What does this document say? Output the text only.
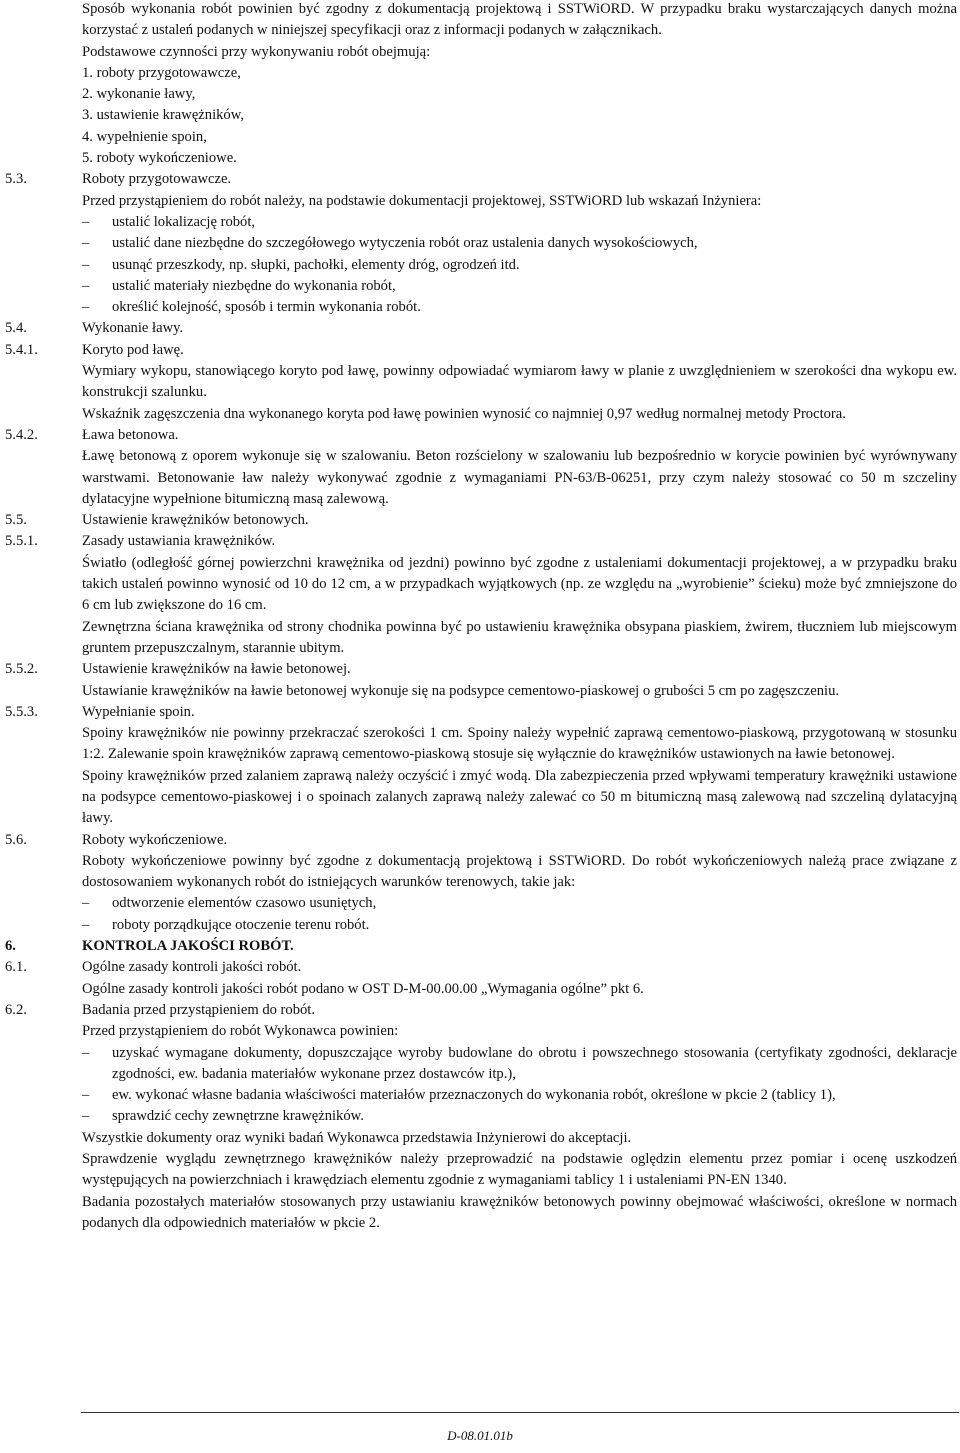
Sposób wykonania robót powinien być zgodny z dokumentacją projektową i SSTWiORD. W przypadku braku wystarczających danych można korzystać z ustaleń podanych w niniejszej specyfikacji oraz z informacji podanych w załącznikach.
Podstawowe czynności przy wykonywaniu robót obejmują:
1. roboty przygotowawcze,
2. wykonanie ławy,
3. ustawienie krawężników,
4. wypełnienie spoin,
5. roboty wykończeniowe.
5.3.	Roboty przygotowawcze.
Przed przystąpieniem do robót należy, na podstawie dokumentacji projektowej, SSTWiORD lub wskazań Inżyniera:
–	ustalić lokalizację robót,
–	ustalić dane niezbędne do szczegółowego wytyczenia robót oraz ustalenia danych wysokościowych,
–	usunąć przeszkody, np. słupki, pachołki, elementy dróg, ogrodzeń itd.
–	ustalić materiały niezbędne do wykonania robót,
–	określić kolejność, sposób i termin wykonania robót.
5.4.	Wykonanie ławy.
5.4.1.	Koryto pod ławę.
Wymiary wykopu, stanowiącego koryto pod ławę, powinny odpowiadać wymiarom ławy w planie z uwzględnieniem w szerokości dna wykopu ew. konstrukcji szalunku.
Wskaźnik zagęszczenia dna wykonanego koryta pod ławę powinien wynosić co najmniej 0,97 według normalnej metody Proctora.
5.4.2.	Ława betonowa.
Ławę betonową z oporem wykonuje się w szalowaniu. Beton rozścielony w szalowaniu lub bezpośrednio w korycie powinien być wyrównywany warstwami. Betonowanie ław należy wykonywać zgodnie z wymaganiami PN-63/B-06251, przy czym należy stosować co 50 m szczeliny dylatacyjne wypełnione bitumiczną masą zalewową.
5.5.	Ustawienie krawężników betonowych.
5.5.1.	Zasady ustawiania krawężników.
Światło (odległość górnej powierzchni krawężnika od jezdni) powinno być zgodne z ustaleniami dokumentacji projektowej, a w przypadku braku takich ustaleń powinno wynosić od 10 do 12 cm, a w przypadkach wyjątkowych (np. ze względu na „wyrobienie” ścieku) może być zmniejszone do 6 cm lub zwiększone do 16 cm.
Zewnętrzna ściana krawężnika od strony chodnika powinna być po ustawieniu krawężnika obsypana piaskiem, żwirem, tłuczniem lub miejscowym gruntem przepuszczalnym, starannie ubitym.
5.5.2.	Ustawienie krawężników na ławie betonowej.
Ustawianie krawężników na ławie betonowej wykonuje się na podsypce cementowo-piaskowej o grubości 5 cm po zagęszczeniu.
5.5.3.	Wypełnianie spoin.
Spoiny krawężników nie powinny przekraczać szerokości 1 cm. Spoiny należy wypełnić zaprawą cementowo-piaskową, przygotowaną w stosunku 1:2. Zalewanie spoin krawężników zaprawą cementowo-piaskową stosuje się wyłącznie do krawężników ustawionych na ławie betonowej.
Spoiny krawężników przed zalaniem zaprawą należy oczyścić i zmyć wodą. Dla zabezpieczenia przed wpływami temperatury krawężniki ustawione na podsypce cementowo-piaskowej i o spoinach zalanych zaprawą należy zalewać co 50 m bitumiczną masą zalewową nad szczeliną dylatacyjną ławy.
5.6.	Roboty wykończeniowe.
Roboty wykończeniowe powinny być zgodne z dokumentacją projektową i SSTWiORD. Do robót wykończeniowych należą prace związane z dostosowaniem wykonanych robót do istniejących warunków terenowych, takie jak:
–	odtworzenie elementów czasowo usuniętych,
–	roboty porządkujące otoczenie terenu robót.
6.	KONTROLA JAKOŚCI ROBÓT.
6.1.	Ogólne zasady kontroli jakości robót.
Ogólne zasady kontroli jakości robót podano w OST D-M-00.00.00 „Wymagania ogólne” pkt 6.
6.2.	Badania przed przystąpieniem do robót.
Przed przystąpieniem do robót Wykonawca powinien:
–	uzyskać wymagane dokumenty, dopuszczające wyroby budowlane do obrotu i powszechnego stosowania (certyfikaty zgodności, deklaracje zgodności, ew. badania materiałów wykonane przez dostawców itp.),
–	ew. wykonać własne badania właściwości materiałów przeznaczonych do wykonania robót, określone w pkcie 2 (tablicy 1),
–	sprawdzić cechy zewnętrzne krawężników.
Wszystkie dokumenty oraz wyniki badań Wykonawca przedstawia Inżynierowi do akceptacji.
Sprawdzenie wyglądu zewnętrznego krawężników należy przeprowadzić na podstawie oględzin elementu przez pomiar i ocenę uszkodzeń występujących na powierzchniach i krawędziach elementu zgodnie z wymaganiami tablicy 1 i ustaleniami PN-EN 1340.
Badania pozostałych materiałów stosowanych przy ustawianiu krawężników betonowych powinny obejmować właściwości, określone w normach podanych dla odpowiednich materiałów w pkcie 2.
D-08.01.01b
